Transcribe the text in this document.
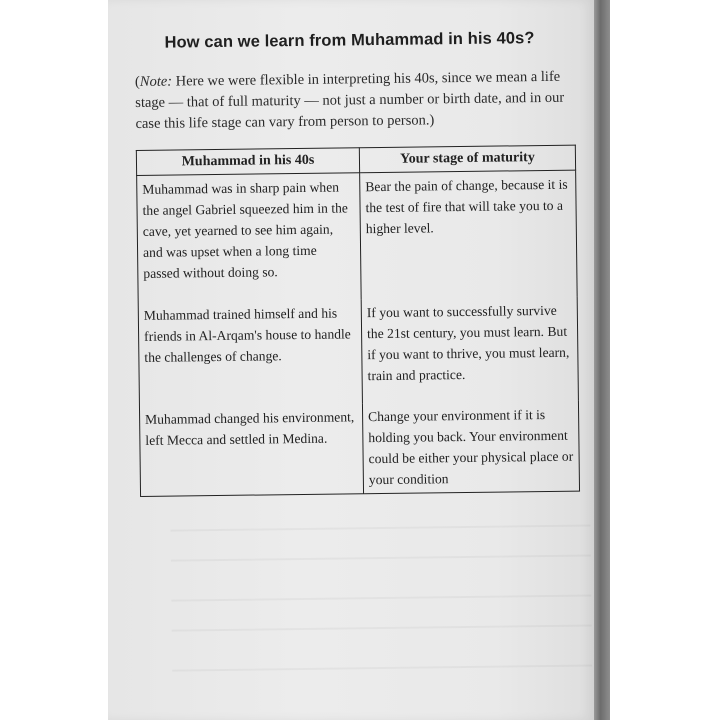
How can we learn from Muhammad in his 40s?
(Note: Here we were flexible in interpreting his 40s, since we mean a life stage — that of full maturity — not just a number or birth date, and in our case this life stage can vary from person to person.)
Muhammad in his 40s	Your stage of maturity
Muhammad was in sharp pain when the angel Gabriel squeezed him in the cave, yet yearned to see him again, and was upset when a long time passed without doing so.	Bear the pain of change, because it is the test of fire that will take you to a higher level.
Muhammad trained himself and his friends in Al-Arqam's house to handle the challenges of change.	If you want to successfully survive the 21st century, you must learn. But if you want to thrive, you must learn, train and practice.
Muhammad changed his environment, left Mecca and settled in Medina.	Change your environment if it is holding you back. Your environment could be either your physical place or your condition
